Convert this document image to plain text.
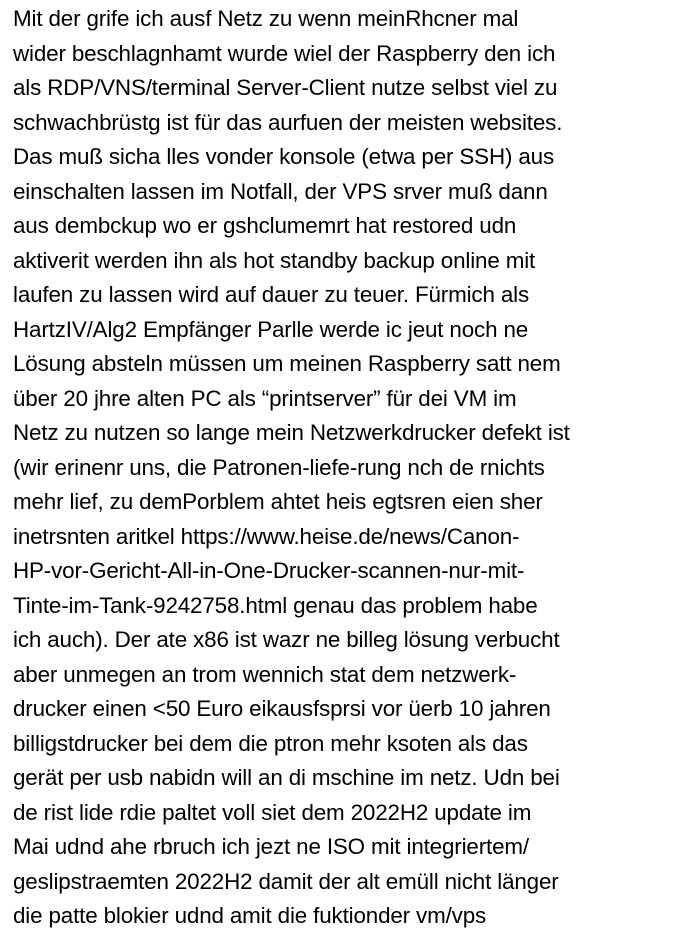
Mit der grife ich ausf Netz zu wenn meinRhcner mal
wider beschlagnhamt wurde wiel der Raspberry den ich
als RDP/VNS/terminal Server-Client nutze selbst viel zu
schwachbrüstg ist für das aurfuen der meisten websites.
Das muß sicha lles vonder konsole (etwa per SSH) aus
einschalten lassen im Notfall, der VPS srver muß dann
aus dembckup wo er gshclumemrt hat restored udn
aktiverit werden ihn als hot standby backup online mit
laufen zu lassen wird auf dauer zu teuer. Fürmich als
HartzIV/Alg2 Empfänger Parlle werde ic jeut noch ne
Lösung absteln müssen um meinen Raspberry satt nem
über 20 jhre alten PC als “printserver” für dei VM im
Netz zu nutzen so lange mein Netzwerkdrucker defekt ist
(wir erinenr uns, die Patronen-liefe-rung nch de rnichts
mehr lief, zu demPorblem ahtet heis egtsren eien sher
inetrsnten aritkel https://www.heise.de/news/Canon-
HP-vor-Gericht-All-in-One-Drucker-scannen-nur-mit-
Tinte-im-Tank-9242758.html genau das problem habe
ich auch). Der ate x86 ist wazr ne billeg lösung verbucht
aber unmegen an trom wennich stat dem netzwerk-
drucker einen <50 Euro eikausfsprsi vor üerb 10 jahren
billigstdrucker bei dem die ptron mehr ksoten als das
gerät per usb nabidn will an di mschine im netz. Udn bei
de rist lide rdie paltet voll siet dem 2022H2 update im
Mai udnd ahe rbruch ich jezt ne ISO mit integriertem/
geslipstraemten 2022H2 damit der alt emüll nicht länger
die patte blokier udnd amit die fuktionder vm/vps
